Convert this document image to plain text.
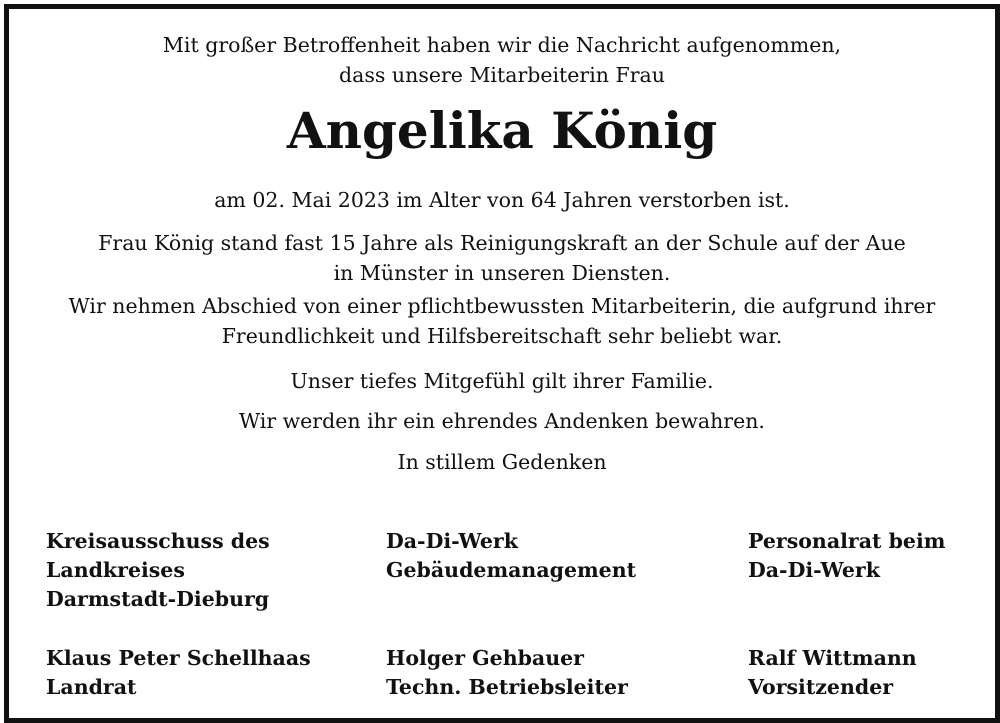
Mit großer Betroffenheit haben wir die Nachricht aufgenommen,
dass unsere Mitarbeiterin Frau
Angelika König
am 02. Mai 2023 im Alter von 64 Jahren verstorben ist.
Frau König stand fast 15 Jahre als Reinigungskraft an der Schule auf der Aue
in Münster in unseren Diensten.
Wir nehmen Abschied von einer pflichtbewussten Mitarbeiterin, die aufgrund ihrer
Freundlichkeit und Hilfsbereitschaft sehr beliebt war.
Unser tiefes Mitgefühl gilt ihrer Familie.
Wir werden ihr ein ehrendes Andenken bewahren.
In stillem Gedenken
Kreisausschuss des
Landkreises
Darmstadt-Dieburg
Klaus Peter Schellhaas
Landrat
Da-Di-Werk
Gebäudemanagement
Holger Gehbauer
Techn. Betriebsleiter
Personalrat beim
Da-Di-Werk
Ralf Wittmann
Vorsitzender
